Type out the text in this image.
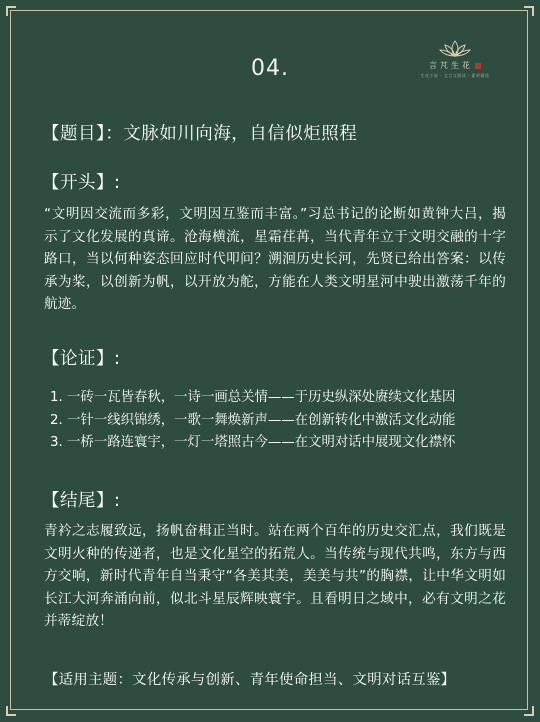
04.	言芃生花
生花小屋 · 文言文阅读 · 素材精选
【题目】：文脉如川向海，自信似炬照程
【开头】:
“文明因交流而多彩，文明因互鉴而丰富。”习总书记的论断如黄钟大吕，揭示了文化发展的真谛。沧海横流，星霜荏苒，当代青年立于文明交融的十字路口，当以何种姿态回应时代叩问？溯洄历史长河，先贤已给出答案：以传承为桨，以创新为帆，以开放为舵，方能在人类文明星河中驶出激荡千年的航迹。
【论证】:
1. 一砖一瓦皆春秋，一诗一画总关情——于历史纵深处赓续文化基因
2. 一针一线织锦绣，一歌一舞焕新声——在创新转化中激活文化动能
3. 一桥一路连寰宇，一灯一塔照古今——在文明对话中展现文化襟怀
【结尾】:
青衿之志履致远，扬帆奋楫正当时。站在两个百年的历史交汇点，我们既是文明火种的传递者，也是文化星空的拓荒人。当传统与现代共鸣，东方与西方交响，新时代青年自当秉守“各美其美，美美与共”的胸襟，让中华文明如长江大河奔涌向前，似北斗星辰辉映寰宇。且看明日之域中，必有文明之花并蒂绽放！
【适用主题：文化传承与创新、青年使命担当、文明对话互鉴】
